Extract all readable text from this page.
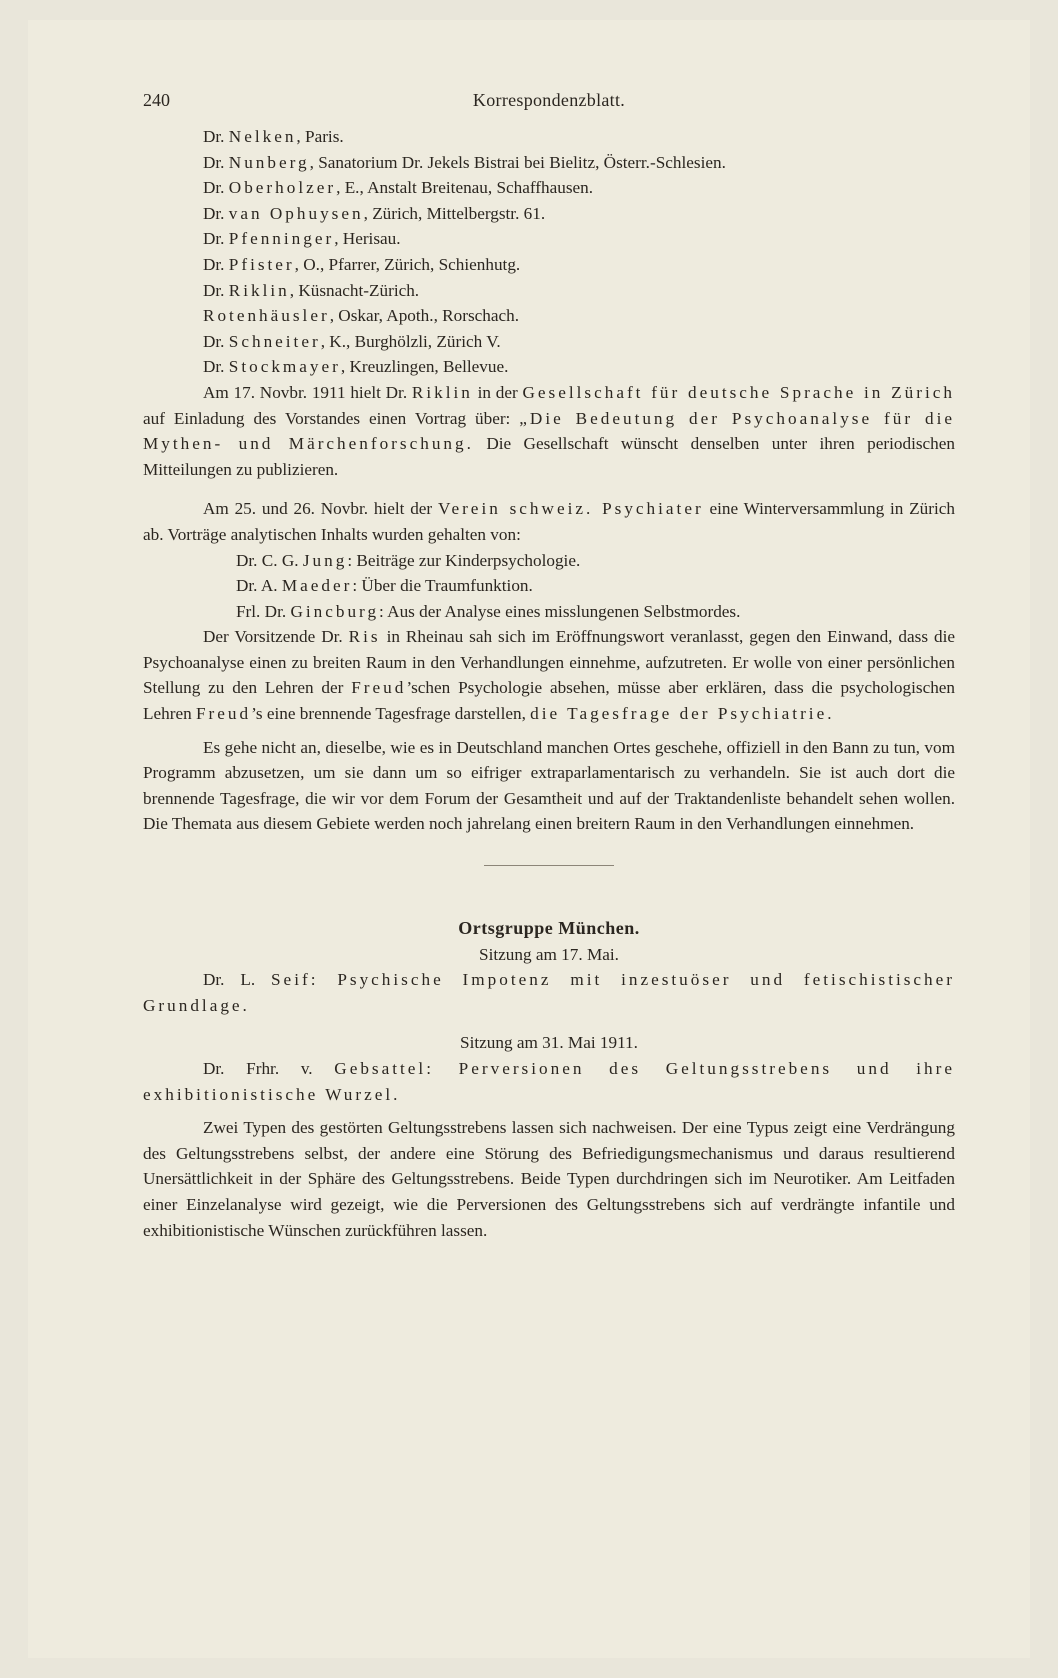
240	Korrespondenzblatt.
Dr. Nelken, Paris.
Dr. Nunberg, Sanatorium Dr. Jekels Bistrai bei Bielitz, Österr.-Schlesien.
Dr. Oberholzer, E., Anstalt Breitenau, Schaffhausen.
Dr. van Ophuysen, Zürich, Mittelbergstr. 61.
Dr. Pfenninger, Herisau.
Dr. Pfister, O., Pfarrer, Zürich, Schienhutg.
Dr. Riklin, Küsnacht-Zürich.
Rotenhäusler, Oskar, Apoth., Rorschach.
Dr. Schneiter, K., Burghölzli, Zürich V.
Dr. Stockmayer, Kreuzlingen, Bellevue.

Am 17. Novbr. 1911 hielt Dr. Riklin in der Gesellschaft für deutsche Sprache in Zürich auf Einladung des Vorstandes einen Vortrag über: „Die Bedeutung der Psychoanalyse für die Mythen- und Märchenforschung. Die Gesellschaft wünscht denselben unter ihren periodischen Mitteilungen zu publizieren.

Am 25. und 26. Novbr. hielt der Verein schweiz. Psychiater eine Winterversammlung in Zürich ab. Vorträge analytischen Inhalts wurden gehalten von:

Dr. C. G. Jung: Beiträge zur Kinderpsychologie.
Dr. A. Maeder: Über die Traumfunktion.
Frl. Dr. Gincburg: Aus der Analyse eines misslungenen Selbstmordes.

Der Vorsitzende Dr. Ris in Rheinau sah sich im Eröffnungswort veranlasst, gegen den Einwand, dass die Psychoanalyse einen zu breiten Raum in den Verhandlungen einnehme, aufzutreten. Er wolle von einer persönlichen Stellung zu den Lehren der Freud’schen Psychologie absehen, müsse aber erklären, dass die psychologischen Lehren Freud’s eine brennende Tagesfrage darstellen, die Tagesfrage der Psychiatrie.

Es gehe nicht an, dieselbe, wie es in Deutschland manchen Ortes geschehe, offiziell in den Bann zu tun, vom Programm abzusetzen, um sie dann um so eifriger extraparlamentarisch zu verhandeln. Sie ist auch dort die brennende Tagesfrage, die wir vor dem Forum der Gesamtheit und auf der Traktandenliste behandelt sehen wollen. Die Themata aus diesem Gebiete werden noch jahrelang einen breitern Raum in den Verhandlungen einnehmen.

Ortsgruppe München.
Sitzung am 17. Mai.

Dr. L. Seif: Psychische Impotenz mit inzestuöser und fetischistischer Grundlage.

Sitzung am 31. Mai 1911.

Dr. Frhr. v. Gebsattel: Perversionen des Geltungsstrebens und ihre exhibitionistische Wurzel.

Zwei Typen des gestörten Geltungsstrebens lassen sich nachweisen. Der eine Typus zeigt eine Verdrängung des Geltungsstrebens selbst, der andere eine Störung des Befriedigungsmechanismus und daraus resultierend Unersättlichkeit in der Sphäre des Geltungsstrebens. Beide Typen durchdringen sich im Neurotiker. Am Leitfaden einer Einzelanalyse wird gezeigt, wie die Perversionen des Geltungsstrebens sich auf verdrängte infantile und exhibitionistische Wünschen zurückführen lassen.
